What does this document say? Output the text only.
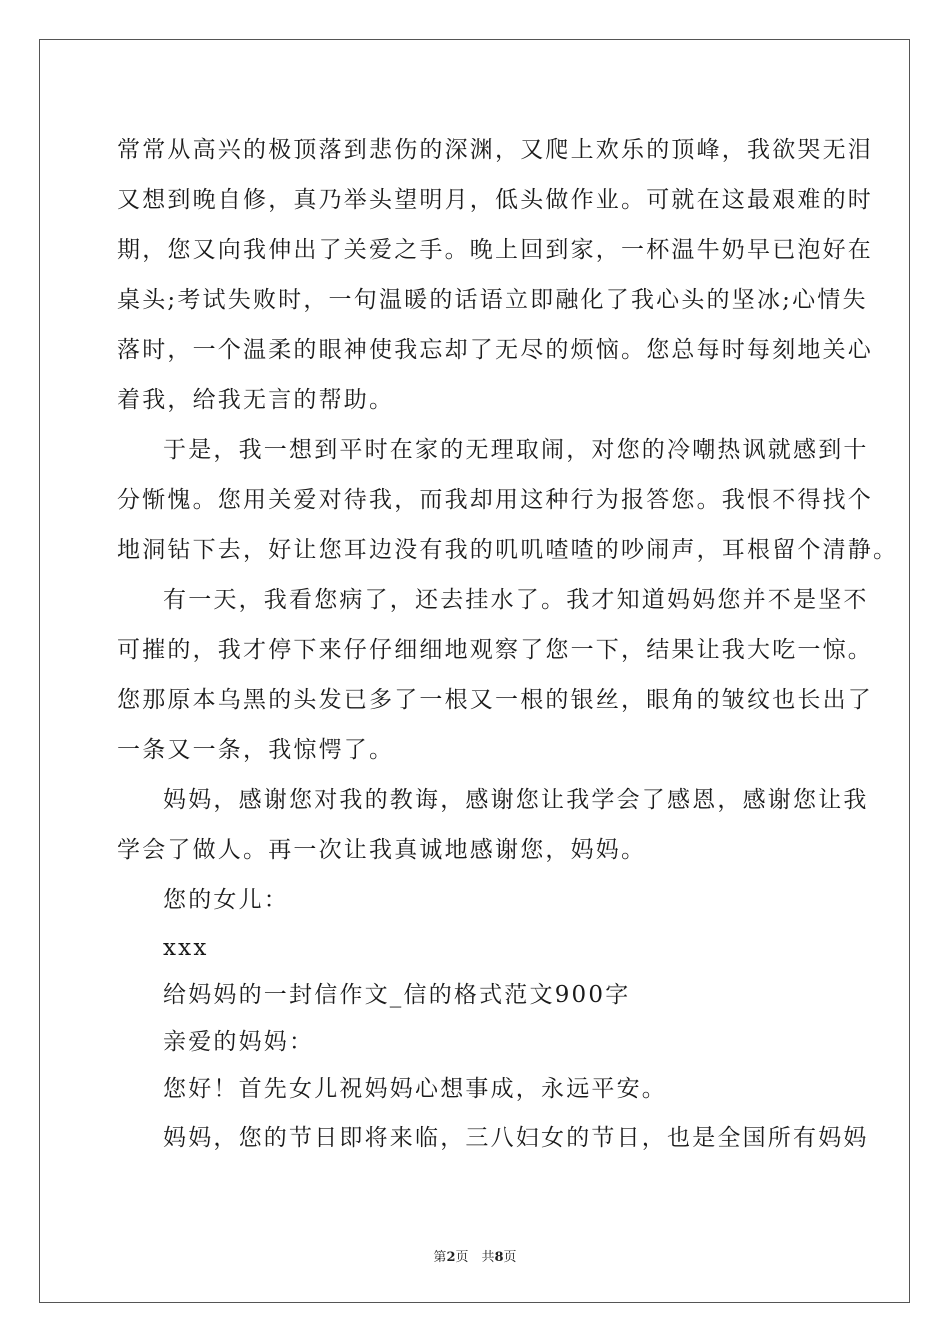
常常从高兴的极顶落到悲伤的深渊，又爬上欢乐的顶峰，我欲哭无泪
又想到晚自修，真乃举头望明月，低头做作业。可就在这最艰难的时
期，您又向我伸出了关爱之手。晚上回到家，一杯温牛奶早已泡好在
桌头;考试失败时，一句温暖的话语立即融化了我心头的坚冰;心情失
落时，一个温柔的眼神使我忘却了无尽的烦恼。您总每时每刻地关心
着我，给我无言的帮助。
于是，我一想到平时在家的无理取闹，对您的冷嘲热讽就感到十
分惭愧。您用关爱对待我，而我却用这种行为报答您。我恨不得找个
地洞钻下去，好让您耳边没有我的叽叽喳喳的吵闹声，耳根留个清静。
有一天，我看您病了，还去挂水了。我才知道妈妈您并不是坚不
可摧的，我才停下来仔仔细细地观察了您一下，结果让我大吃一惊。
您那原本乌黑的头发已多了一根又一根的银丝，眼角的皱纹也长出了
一条又一条，我惊愕了。
妈妈，感谢您对我的教诲，感谢您让我学会了感恩，感谢您让我
学会了做人。再一次让我真诚地感谢您，妈妈。
您的女儿：
xxx
给妈妈的一封信作文_信的格式范文900字
亲爱的妈妈：
您好！首先女儿祝妈妈心想事成，永远平安。
妈妈，您的节日即将来临，三八妇女的节日，也是全国所有妈妈
第2页　共8页
